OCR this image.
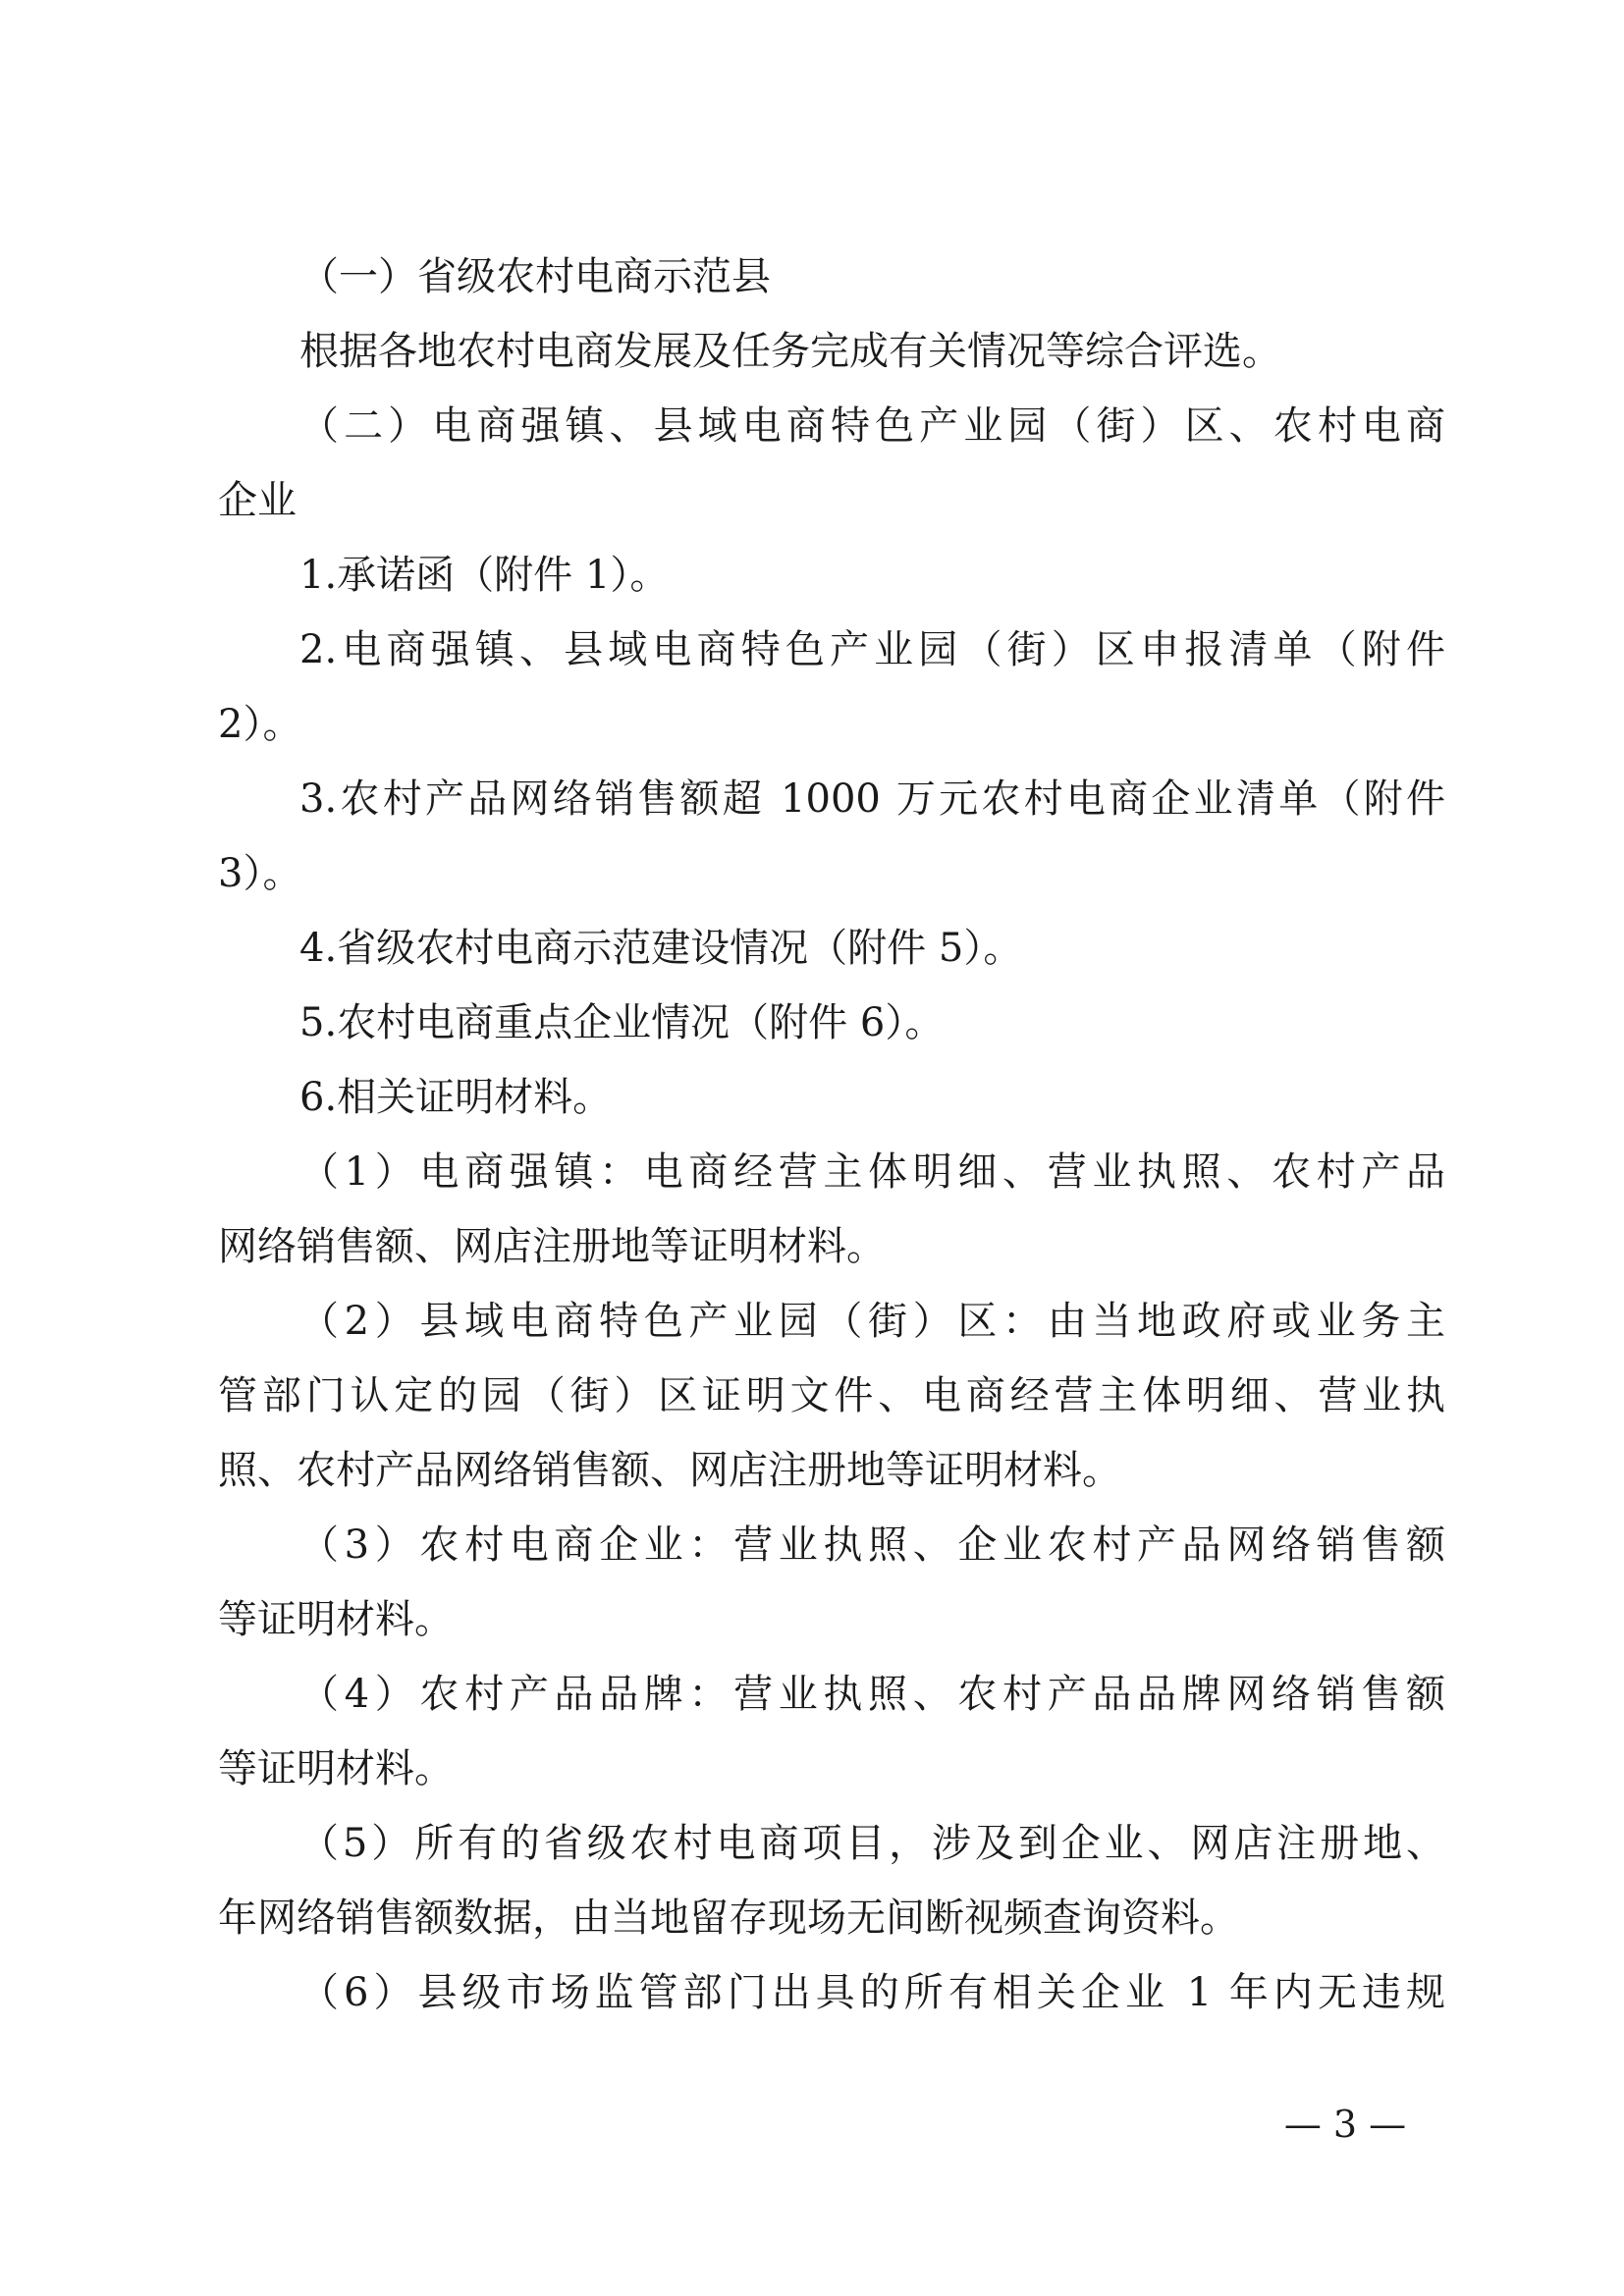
（一）省级农村电商示范县
根据各地农村电商发展及任务完成有关情况等综合评选。
（二）电商强镇、县域电商特色产业园（街）区、农村电商
企业
1.承诺函（附件 1）。
2.电商强镇、县域电商特色产业园（街）区申报清单（附件
2）。
3.农村产品网络销售额超 1000 万元农村电商企业清单（附件
3）。
4.省级农村电商示范建设情况（附件 5）。
5.农村电商重点企业情况（附件 6）。
6.相关证明材料。
（1）电商强镇：电商经营主体明细、营业执照、农村产品
网络销售额、网店注册地等证明材料。
（2）县域电商特色产业园（街）区：由当地政府或业务主
管部门认定的园（街）区证明文件、电商经营主体明细、营业执
照、农村产品网络销售额、网店注册地等证明材料。
（3）农村电商企业：营业执照、企业农村产品网络销售额
等证明材料。
（4）农村产品品牌：营业执照、农村产品品牌网络销售额
等证明材料。
（5）所有的省级农村电商项目，涉及到企业、网店注册地、
年网络销售额数据，由当地留存现场无间断视频查询资料。
（6）县级市场监管部门出具的所有相关企业 1 年内无违规
— 3 —
